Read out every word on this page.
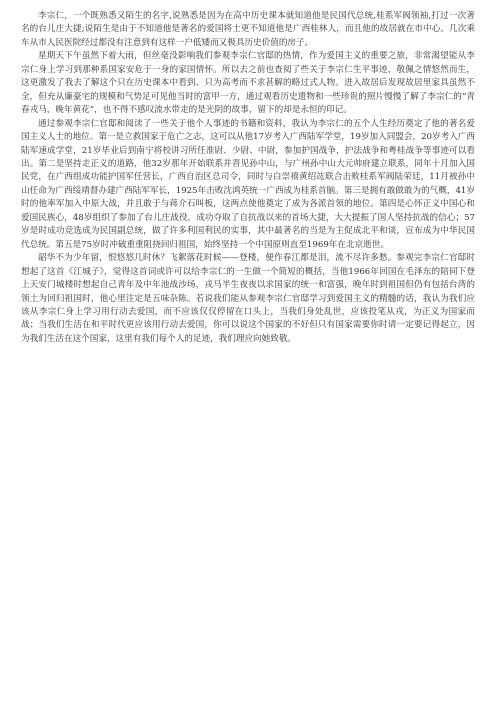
李宗仁，一个既熟悉又陌生的名字,说熟悉是因为在高中历史课本就知道他是民国代总统,桂系军阀领袖,打过一次著名的台儿庄大捷;说陌生是由于不知道他是著名的爱国将士更不知道他是广西桂林人，而且他的故居就在市中心。几次乘车从市人民医院经过都没有注意到有这样一户低矮而又极具历史价值的房子。

星期天下午虽然下着大雨，但丝毫没影响我们参观李宗仁官邸的热情，作为爱国主义的重要之旅，非常渴望能从李宗仁身上学习到那种系国家安危于一身的家国情怀。所以去之前也查阅了些关于李宗仁生平事迹，敬佩之情悠然而生，这更激发了我去了解这个只在历史课本中看到、只为高考而不求甚解的略过式人物。进入故居后发现故居里家具虽然不全，但充从廉豪宅的规模和气势足可见他当时的富甲一方，通过观看历史遗物和一些珍贵的照片慢慢了解了李宗仁的“青春戎马，晚年黄花”，也不得不感叹流水带走的是光阴的故事，留下的却是永恒的印记。

通过参观李宗仁官邸和阅读了一些关于他个人事迹的书籍和资料，我认为李宗仁的五个人生经历奠定了他的著名爱国主义人士的地位。第一是立救国家于危亡之志，这可以从他17岁考入广西陆军学堂，19岁加入同盟会，20岁考入广西陆军速成学堂，21岁毕业后到南宁将校讲习所任准尉、少尉、中尉，参加护国战争，护法战争和粤桂战争等事迹可以看出。第二是坚持走正义的道路，他32岁那年开始联系并晋见孙中山，与广州孙中山大元帅府建立联系，同年十月加入国民党，在广西组成功能护国军任营长，广西自治区总司令，同时与白崇禧黄绍竑联合击败桂系军阀陆荣廷，11月被孙中山任命为广西绥靖督办建广西陆军军长，1925年击败沈鸿英统一广西成为桂系首脑。第三是拥有敢做敢为的气概，41岁时的他率军加入中原大战，并且敢于与蒋介石叫板，这两点使他奠定了成为各派首领的地位。第四是心怀正义中国心和爱国民族心，48岁组织了参加了台儿庄战役，成功夺取了自抗战以来的首场大捷，大大提振了国人坚持抗战的信心；57岁是时成功竞选成为民国副总统，做了许多利国利民的实事，其中最著名的当是为主促成北平和谈，宣布成为中华民国代总统。第五是75岁时冲破重重阻挠回归祖国，始终坚持一个中国原则直至1969年在北京逝世。

韶华不为少年留，恨悠悠几时休？飞絮落花时候——登楼，便作春江都是泪，流不尽许多愁。参观完李宗仁官邸时想起了这首《江城子》，觉得这首词或许可以给李宗仁的一生做一个简短的概括，当他1966年回国在毛泽东的陪同下登上天安门城楼时想起自己青年及中年池战沙场，戎马半生夜夜以求国家的统一和富强，晚年时到祖国但仍有包括台湾的领土为回归祖国时，他心里注定是五味杂陈。若说我们能从参观李宗仁官邸学习到爱国主义的精髓的话，我认为我们应该从李宗仁身上学习用行动去爱国，而不应该仅仅停留在口头上，当我们身处乱世，应该投笔从戎，为正义为国家而战；当我们生活在和平时代更应该用行动去爱国，你可以说这个国家的不好但只有国家需要你时请一定要记得起立，因为我们生活在这个国家，这里有我们每个人的足迹，我们理应向她致敬。
